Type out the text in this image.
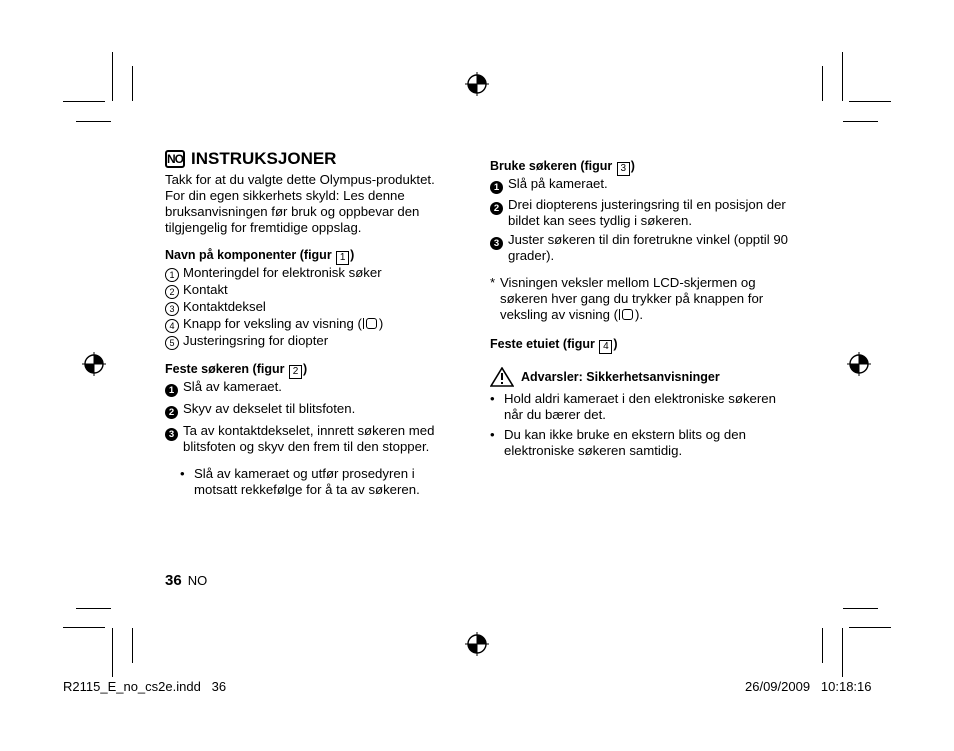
NO INSTRUKSJONER

Takk for at du valgte dette Olympus-produktet. For din egen sikkerhets skyld: Les denne bruksanvisningen før bruk og oppbevar den tilgjengelig for fremtidige oppslag.

Navn på komponenter (figur 1 )
1 Monteringdel for elektronisk søker
2 Kontakt
3 Kontaktdeksel
4 Knapp for veksling av visning ( )
5 Justeringsring for diopter
Feste søkeren (figur 2 )
1 Slå av kameraet.
2 Skyv av dekselet til blitsfoten.
3 Ta av kontaktdekselet, innrett søkeren med blitsfoten og skyv den frem til den stopper.
• Slå av kameraet og utfør prosedyren i motsatt rekkefølge for å ta av søkeren.
Bruke søkeren (figur 3 )
1 Slå på kameraet.
2 Drei diopterens justeringsring til en posisjon der bildet kan sees tydlig i søkeren.
3 Juster søkeren til din foretrukne vinkel (opptil 90 grader).
* Visningen veksler mellom LCD-skjermen og søkeren hver gang du trykker på knappen for veksling av visning ( ).
Feste etuiet (figur 4 )
Advarsler: Sikkerhetsanvisninger
• Hold aldri kameraet i den elektroniske søkeren når du bærer det.
• Du kan ikke bruke en ekstern blits og den elektroniske søkeren samtidig.
36 NO
R2115_E_no_cs2e.indd   36	26/09/2009   10:18:16
